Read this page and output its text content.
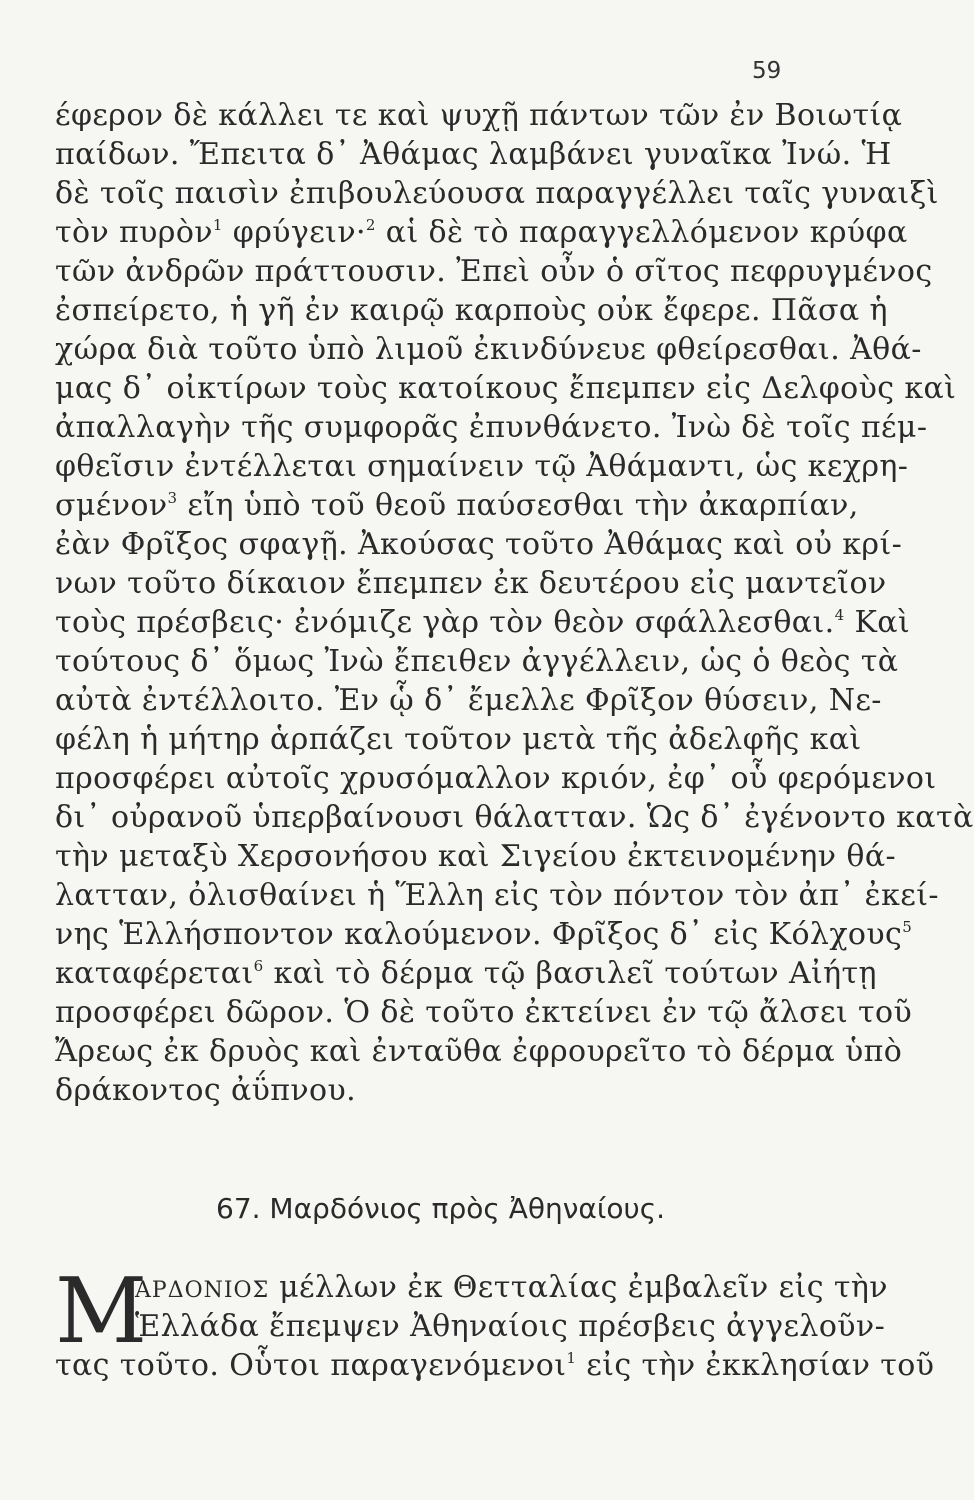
59
έφερον δὲ κάλλει τε καὶ ψυχῇ πάντων τῶν ἐν Βοιωτίᾳ
παίδων. Ἔπειτα δ᾽ Ἀθάμας λαμβάνει γυναῖκα Ἰνώ. Ἡ
δὲ τοῖς παισὶν ἐπιβουλεύουσα παραγγέλλει ταῖς γυναιξὶ
τὸν πυρὸν$^1$ φρύγειν·$^2$ αἱ δὲ τὸ παραγγελλόμενον κρύφα
τῶν ἀνδρῶν πράττουσιν. Ἐπεὶ οὖν ὁ σῖτος πεφρυγμένος
ἐσπείρετο, ἡ γῆ ἐν καιρῷ καρποὺς οὐκ ἔφερε. Πᾶσα ἡ
χώρα διὰ τοῦτο ὑπὸ λιμοῦ ἐκινδύνευε φθείρεσθαι. Ἀθά-
μας δ᾽ οἰκτίρων τοὺς κατοίκους ἔπεμπεν εἰς Δελφοὺς καὶ
ἀπαλλαγὴν τῆς συμφορᾶς ἐπυνθάνετο. Ἰνὼ δὲ τοῖς πέμ-
φθεῖσιν ἐντέλλεται σημαίνειν τῷ Ἀθάμαντι, ὡς κεχρη-
σμένον$^3$ εἴη ὑπὸ τοῦ θεοῦ παύσεσθαι τὴν ἀκαρπίαν,
ἐὰν Φρῖξος σφαγῇ. Ἀκούσας τοῦτο Ἀθάμας καὶ οὐ κρί-
νων τοῦτο δίκαιον ἔπεμπεν ἐκ δευτέρου εἰς μαντεῖον
τοὺς πρέσβεις· ἐνόμιζε γὰρ τὸν θεὸν σφάλλεσθαι.$^4$ Καὶ
τούτους δ᾽ ὅμως Ἰνὼ ἔπειθεν ἀγγέλλειν, ὡς ὁ θεὸς τὰ
αὐτὰ ἐντέλλοιτο. Ἐν ᾧ δ᾽ ἔμελλε Φρῖξον θύσειν, Νε-
φέλη ἡ μήτηρ ἁρπάζει τοῦτον μετὰ τῆς ἀδελφῆς καὶ
προσφέρει αὐτοῖς χρυσόμαλλον κριόν, ἐφ᾽ οὗ φερόμενοι
δι᾽ οὐρανοῦ ὑπερβαίνουσι θάλατταν. Ὡς δ᾽ ἐγένοντο κατὰ
τὴν μεταξὺ Χερσονήσου καὶ Σιγείου ἐκτεινομένην θά-
λατταν, ὀλισθαίνει ἡ Ἕλλη εἰς τὸν πόντον τὸν ἀπ᾽ ἐκεί-
νης Ἑλλήσποντον καλούμενον. Φρῖξος δ᾽ εἰς Κόλχους$^5$
καταφέρεται$^6$ καὶ τὸ δέρμα τῷ βασιλεῖ τούτων Αἰήτῃ
προσφέρει δῶρον. Ὁ δὲ τοῦτο ἐκτείνει ἐν τῷ ἄλσει τοῦ
Ἄρεως ἐκ δρυὸς καὶ ἐνταῦθα ἐφρουρεῖτο τὸ δέρμα ὑπὸ
δράκοντος ἀΰπνου.
67. Μαρδόνιος πρὸς Ἀθηναίους.
Μ
ΑΡΔΟΝΙΟΣ μέλλων ἐκ Θετταλίας ἐμβαλεῖν εἰς τὴν
Ἑλλάδα ἔπεμψεν Ἀθηναίοις πρέσβεις ἀγγελοῦν-
τας τοῦτο. Οὗτοι παραγενόμενοι$^1$ εἰς τὴν ἐκκλησίαν τοῦ
